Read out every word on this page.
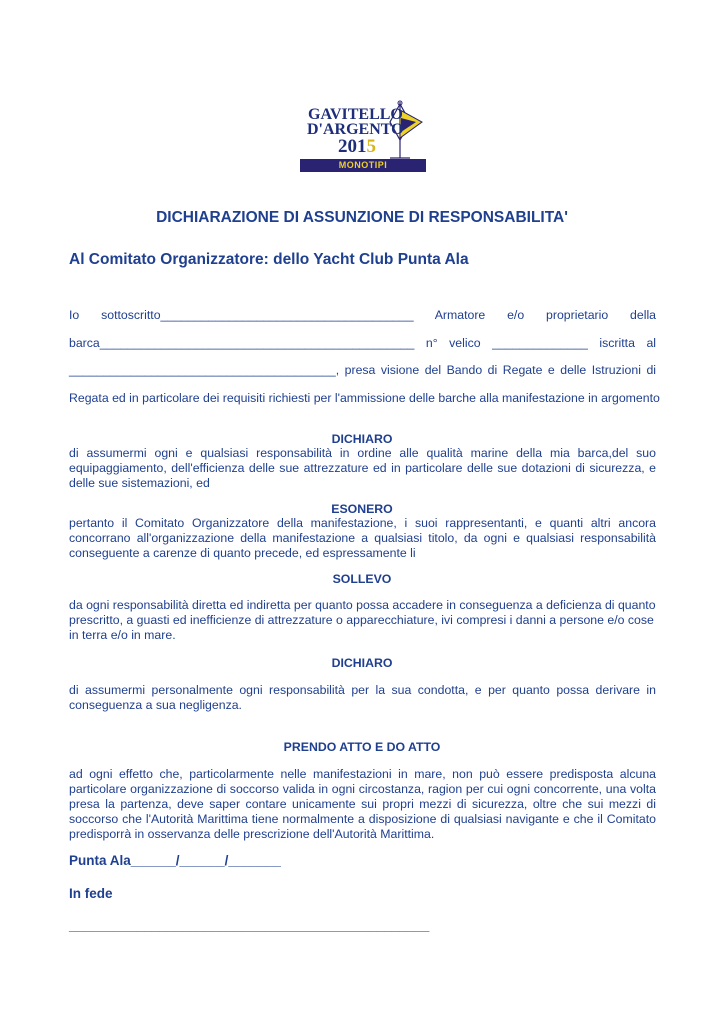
GAVITELLO
D'ARGENTO
2015
MONOTIPI
DICHIARAZIONE DI ASSUNZIONE DI RESPONSABILITA'
Al Comitato Organizzatore: dello Yacht Club Punta Ala
Io sottoscritto_____________________________________ Armatore e/o proprietario della
barca______________________________________________ n° velico ______________ iscritta al
_______________________________________, presa visione del Bando di Regate e delle Istruzioni di
Regata ed in particolare dei requisiti richiesti per l'ammissione delle barche alla manifestazione in argomento
DICHIARO
di assumermi ogni e qualsiasi responsabilità in ordine alle qualità marine della mia barca,del suo
equipaggiamento, dell'efficienza delle sue attrezzature ed in particolare delle sue dotazioni di sicurezza, e
delle sue sistemazioni, ed
ESONERO
pertanto il Comitato Organizzatore della manifestazione, i suoi rappresentanti, e quanti altri ancora
concorrano all'organizzazione della manifestazione a qualsiasi titolo, da ogni e qualsiasi responsabilità
conseguente a carenze di quanto precede, ed espressamente li
SOLLEVO
da ogni responsabilità diretta ed indiretta per quanto possa accadere in conseguenza a deficienza di quanto
prescritto, a guasti ed inefficienze di attrezzature o apparecchiature, ivi compresi i danni a persone e/o cose
in terra e/o in mare.
DICHIARO
di assumermi personalmente ogni responsabilità per la sua condotta, e per quanto possa derivare in
conseguenza a sua negligenza.
PRENDO ATTO E DO ATTO
ad ogni effetto che, particolarmente nelle manifestazioni in mare, non può essere predisposta alcuna
particolare organizzazione di soccorso valida in ogni circostanza, ragion per cui ogni concorrente, una volta
presa la partenza, deve saper contare unicamente sui propri mezzi di sicurezza, oltre che sui mezzi di
soccorso che l'Autorità Marittima tiene normalmente a disposizione di qualsiasi navigante e che il Comitato
predisporrà in osservanza delle prescrizione dell'Autorità Marittima.
Punta Ala______/______/_______
In fede
________________________________________________
